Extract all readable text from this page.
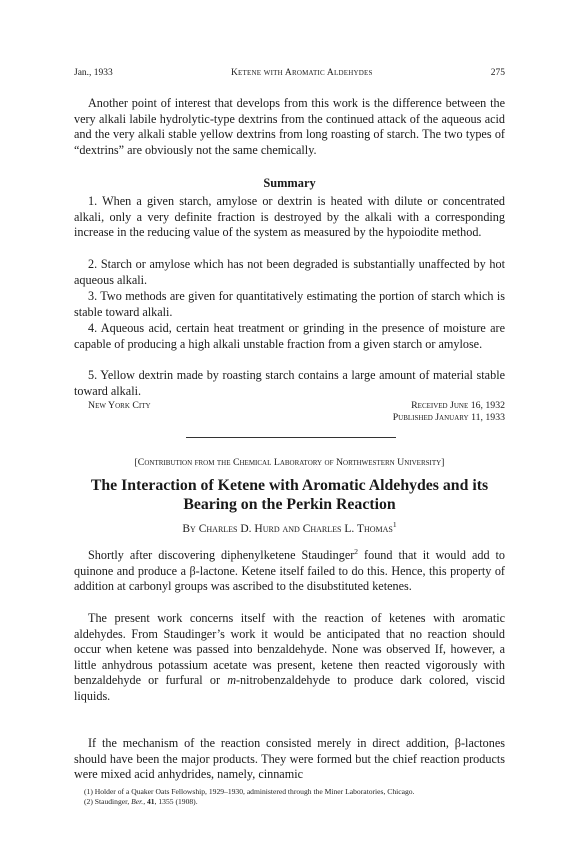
Jan., 1933	Ketene with Aromatic Aldehydes	275

Another point of interest that develops from this work is the difference between the very alkali labile hydrolytic-type dextrins from the continued attack of the aqueous acid and the very alkali stable yellow dextrins from long roasting of starch. The two types of “dextrins” are obviously not the same chemically.

Summary

1. When a given starch, amylose or dextrin is heated with dilute or concentrated alkali, only a very definite fraction is destroyed by the alkali with a corresponding increase in the reducing value of the system as measured by the hypoiodite method.

2. Starch or amylose which has not been degraded is substantially unaffected by hot aqueous alkali.

3. Two methods are given for quantitatively estimating the portion of starch which is stable toward alkali.

4. Aqueous acid, certain heat treatment or grinding in the presence of moisture are capable of producing a high alkali unstable fraction from a given starch or amylose.

5. Yellow dextrin made by roasting starch contains a large amount of material stable toward alkali.

New York City	Received June 16, 1932
Published January 11, 1933
[Contribution from the Chemical Laboratory of Northwestern University]
The Interaction of Ketene with Aromatic Aldehydes and its
Bearing on the Perkin Reaction
By Charles D. Hurd and Charles L. Thomas$^1$

Shortly after discovering diphenylketene Staudinger$^2$ found that it would add to quinone and produce a β-lactone. Ketene itself failed to do this. Hence, this property of addition at carbonyl groups was ascribed to the disubstituted ketenes.

The present work concerns itself with the reaction of ketenes with aromatic aldehydes. From Staudinger’s work it would be anticipated that no reaction should occur when ketene was passed into benzaldehyde. None was observed If, however, a little anhydrous potassium acetate was present, ketene then reacted vigorously with benzaldehyde or furfural or m-nitrobenzaldehyde to produce dark colored, viscid liquids.

If the mechanism of the reaction consisted merely in direct addition, β-lactones should have been the major products. They were formed but the chief reaction products were mixed acid anhydrides, namely, cinnamic

(1) Holder of a Quaker Oats Fellowship, 1929–1930, administered through the Miner Laboratories, Chicago.

(2) Staudinger, Ber., 41, 1355 (1908).
